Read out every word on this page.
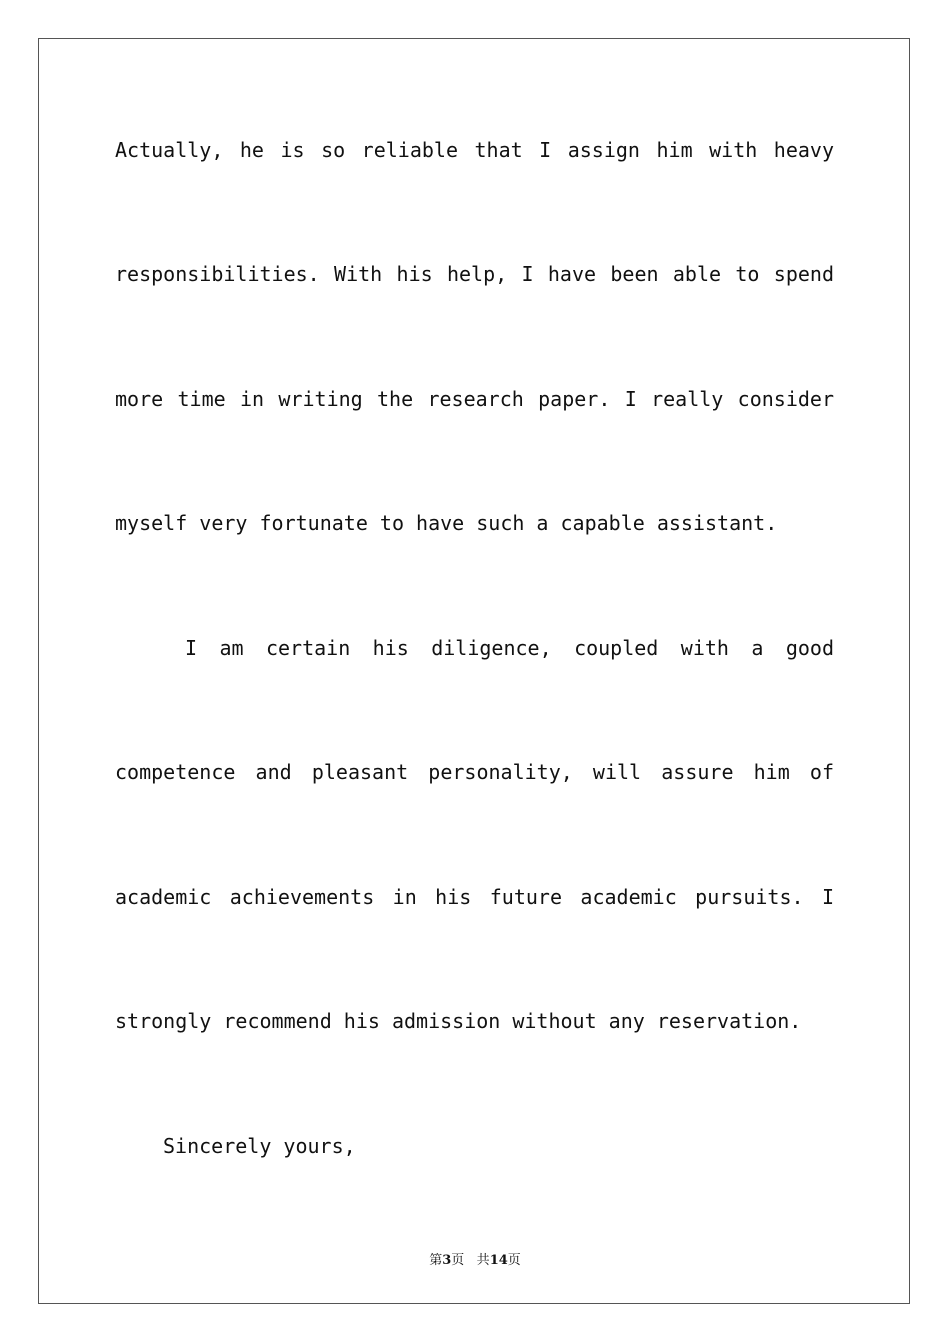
Actually, he is so reliable that I assign him with heavy

responsibilities. With his help, I have been able to spend

more time in writing the research paper. I really consider

myself very fortunate to have such a capable assistant.

I am certain his diligence, coupled with a good

competence and pleasant personality, will assure him of

academic achievements in his future academic pursuits. I

strongly recommend his admission without any reservation.

Sincerely yours,

第3页 共14页
